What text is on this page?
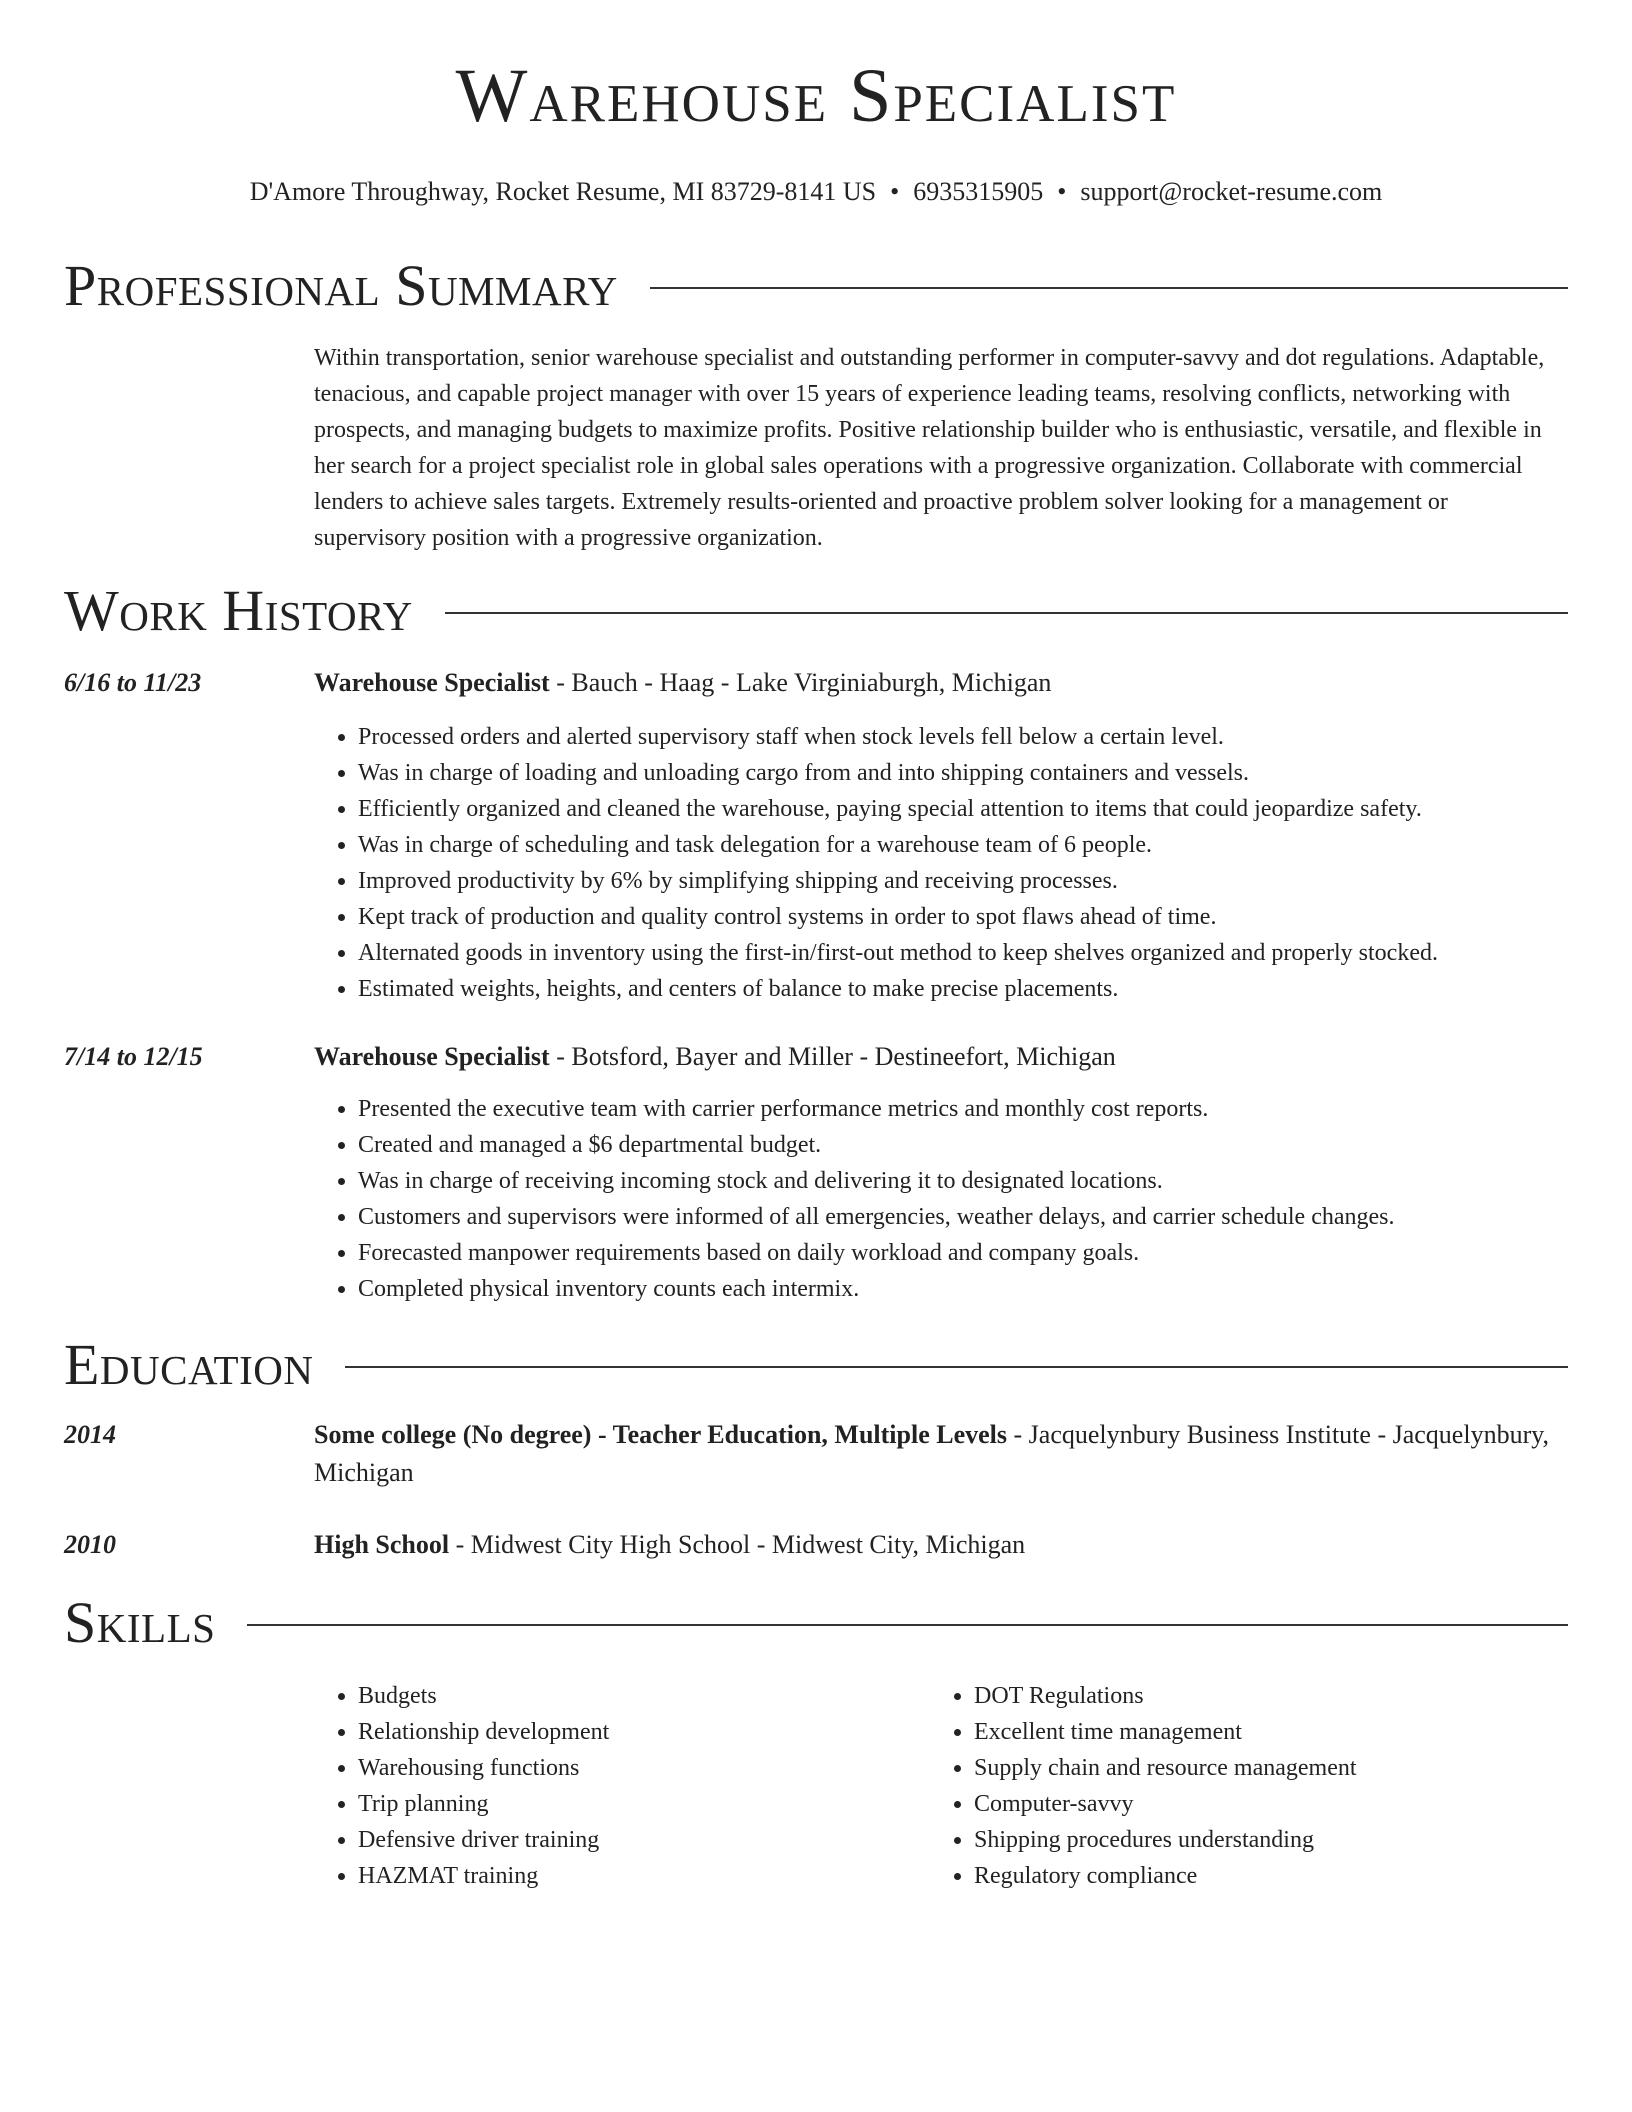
Warehouse Specialist
D'Amore Throughway, Rocket Resume, MI 83729-8141 US • 6935315905 • support@rocket-resume.com
Professional Summary

Within transportation, senior warehouse specialist and outstanding performer in computer-savvy and dot regulations. Adaptable, tenacious, and capable project manager with over 15 years of experience leading teams, resolving conflicts, networking with prospects, and managing budgets to maximize profits. Positive relationship builder who is enthusiastic, versatile, and flexible in her search for a project specialist role in global sales operations with a progressive organization. Collaborate with commercial lenders to achieve sales targets. Extremely results-oriented and proactive problem solver looking for a management or supervisory position with a progressive organization.

Work History
6/16 to 11/23	Warehouse Specialist - Bauch - Haag - Lake Virginiaburgh, Michigan
• Processed orders and alerted supervisory staff when stock levels fell below a certain level.
• Was in charge of loading and unloading cargo from and into shipping containers and vessels.
• Efficiently organized and cleaned the warehouse, paying special attention to items that could jeopardize safety.
• Was in charge of scheduling and task delegation for a warehouse team of 6 people.
• Improved productivity by 6% by simplifying shipping and receiving processes.
• Kept track of production and quality control systems in order to spot flaws ahead of time.
• Alternated goods in inventory using the first-in/first-out method to keep shelves organized and properly stocked.
• Estimated weights, heights, and centers of balance to make precise placements.
7/14 to 12/15	Warehouse Specialist - Botsford, Bayer and Miller - Destineefort, Michigan
• Presented the executive team with carrier performance metrics and monthly cost reports.
• Created and managed a $6 departmental budget.
• Was in charge of receiving incoming stock and delivering it to designated locations.
• Customers and supervisors were informed of all emergencies, weather delays, and carrier schedule changes.
• Forecasted manpower requirements based on daily workload and company goals.
• Completed physical inventory counts each intermix.
Education
2014	Some college (No degree) - Teacher Education, Multiple Levels - Jacquelynbury Business Institute - Jacquelynbury, Michigan
2010	High School - Midwest City High School - Midwest City, Michigan
Skills
• Budgets
• Relationship development
• Warehousing functions
• Trip planning
• Defensive driver training
• HAZMAT training
• DOT Regulations
• Excellent time management
• Supply chain and resource management
• Computer-savvy
• Shipping procedures understanding
• Regulatory compliance
